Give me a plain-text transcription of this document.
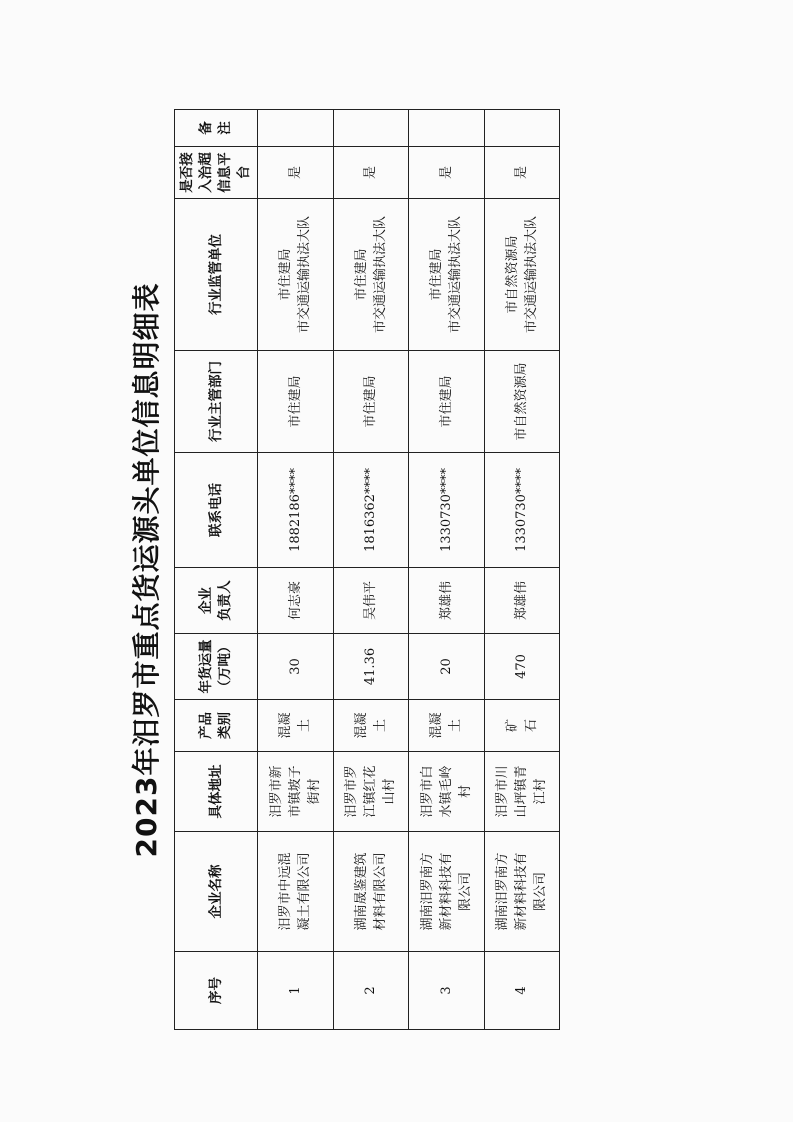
2023年汨罗市重点货运源头单位信息明细表
序号	企业名称	具体地址	产品
类别	年货运量
（万吨）	企业
负责人	联系电话	行业主管部门	行业监管单位	是否接
入治超
信息平
台	备注
1	汨罗市中远混
凝土有限公司	汨罗市新
市镇坡子
街村	混凝
土	30	何志豪	1882186****	市住建局	市住建局
市交通运输执法大队	是	
2	湖南晟鉴建筑
材料有限公司	汨罗市罗
江镇红花
山村	混凝
土	41.36	吴伟平	1816362****	市住建局	市住建局
市交通运输执法大队	是	
3	湖南汨罗南方
新材料科技有
限公司	汨罗市白
水镇毛岭
村	混凝
土	20	郑雄伟	1330730****	市住建局	市住建局
市交通运输执法大队	是	
4	湖南汨罗南方
新材料科技有
限公司	汨罗市川
山坪镇青
江村	矿
石	470	郑雄伟	1330730****	市自然资源局	市自然资源局
市交通运输执法大队	是	
